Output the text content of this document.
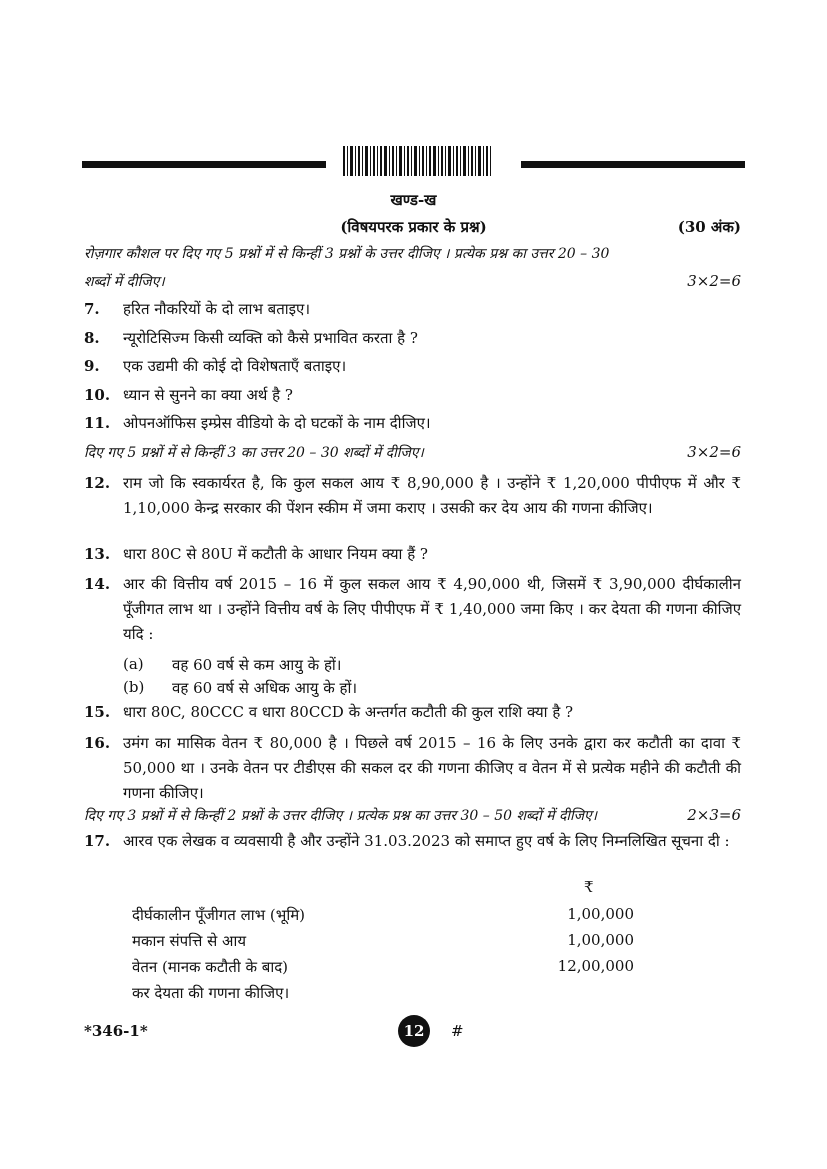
खण्ड-ख
(विषयपरक प्रकार के प्रश्न)	(30 अंक)
रोज़गार कौशल पर दिए गए 5 प्रश्नों में से किन्हीं 3 प्रश्नों के उत्तर दीजिए । प्रत्येक प्रश्न का उत्तर 20 – 30
शब्दों में दीजिए।	3×2=6
7. हरित नौकरियों के दो लाभ बताइए।
8. न्यूरोटिसिज्म किसी व्यक्ति को कैसे प्रभावित करता है ?
9. एक उद्यमी की कोई दो विशेषताएँ बताइए।
10. ध्यान से सुनने का क्या अर्थ है ?
11. ओपनऑफिस इम्प्रेस वीडियो के दो घटकों के नाम दीजिए।
दिए गए 5 प्रश्नों में से किन्हीं 3 का उत्तर 20 – 30 शब्दों में दीजिए।	3×2=6
12. राम जो कि स्वकार्यरत है, कि कुल सकल आय ₹ 8,90,000 है । उन्होंने ₹ 1,20,000 पीपीएफ में और ₹ 1,10,000 केन्द्र सरकार की पेंशन स्कीम में जमा कराए । उसकी कर देय आय की गणना कीजिए।
13. धारा 80C से 80U में कटौती के आधार नियम क्या हैं ?
14. आर की वित्तीय वर्ष 2015 – 16 में कुल सकल आय ₹ 4,90,000 थी, जिसमें ₹ 3,90,000 दीर्घकालीन पूँजीगत लाभ था । उन्होंने वित्तीय वर्ष के लिए पीपीएफ में ₹ 1,40,000 जमा किए । कर देयता की गणना कीजिए यदि :
(a) वह 60 वर्ष से कम आयु के हों।
(b) वह 60 वर्ष से अधिक आयु के हों।
15. धारा 80C, 80CCC व धारा 80CCD के अन्तर्गत कटौती की कुल राशि क्या है ?
16. उमंग का मासिक वेतन ₹ 80,000 है । पिछले वर्ष 2015 – 16 के लिए उनके द्वारा कर कटौती का दावा ₹ 50,000 था । उनके वेतन पर टीडीएस की सकल दर की गणना कीजिए व वेतन में से प्रत्येक महीने की कटौती की गणना कीजिए।
दिए गए 3 प्रश्नों में से किन्हीं 2 प्रश्नों के उत्तर दीजिए । प्रत्येक प्रश्न का उत्तर 30 – 50 शब्दों में दीजिए।	2×3=6
17. आरव एक लेखक व व्यवसायी है और उन्होंने 31.03.2023 को समाप्त हुए वर्ष के लिए निम्नलिखित सूचना दी :
₹
दीर्घकालीन पूँजीगत लाभ (भूमि)	1,00,000
मकान संपत्ति से आय	1,00,000
वेतन (मानक कटौती के बाद)	12,00,000
कर देयता की गणना कीजिए।
*346-1*	12	#
